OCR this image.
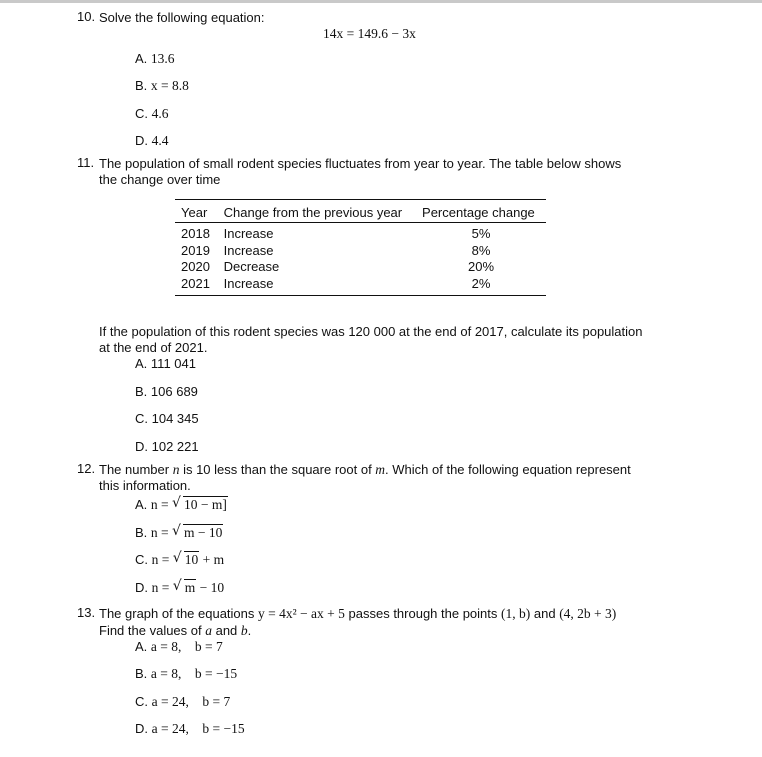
10. Solve the following equation:
14x = 149.6 − 3x
A. 13.6
B. x = 8.8
C. 4.6
D. 4.4
11. The population of small rodent species fluctuates from year to year. The table below shows
the change over time
Year	Change from the previous year	Percentage change
2018	Increase	5%
2019	Increase	8%
2020	Decrease	20%
2021	Increase	2%
If the population of this rodent species was 120 000 at the end of 2017, calculate its population
at the end of 2021.
A. 111 041
B. 106 689
C. 104 345
D. 102 221
12. The number n is 10 less than the square root of m. Which of the following equation represent
this information.
A. n = √ 10 − m]
B. n = √ m − 10
C. n = √ 10 + m
D. n = √ m − 10
13. The graph of the equations y = 4x² − ax + 5 passes through the points (1, b) and (4, 2b + 3)
Find the values of a and b.
A. a = 8,    b = 7
B. a = 8,    b = −15
C. a = 24,    b = 7
D. a = 24,    b = −15
